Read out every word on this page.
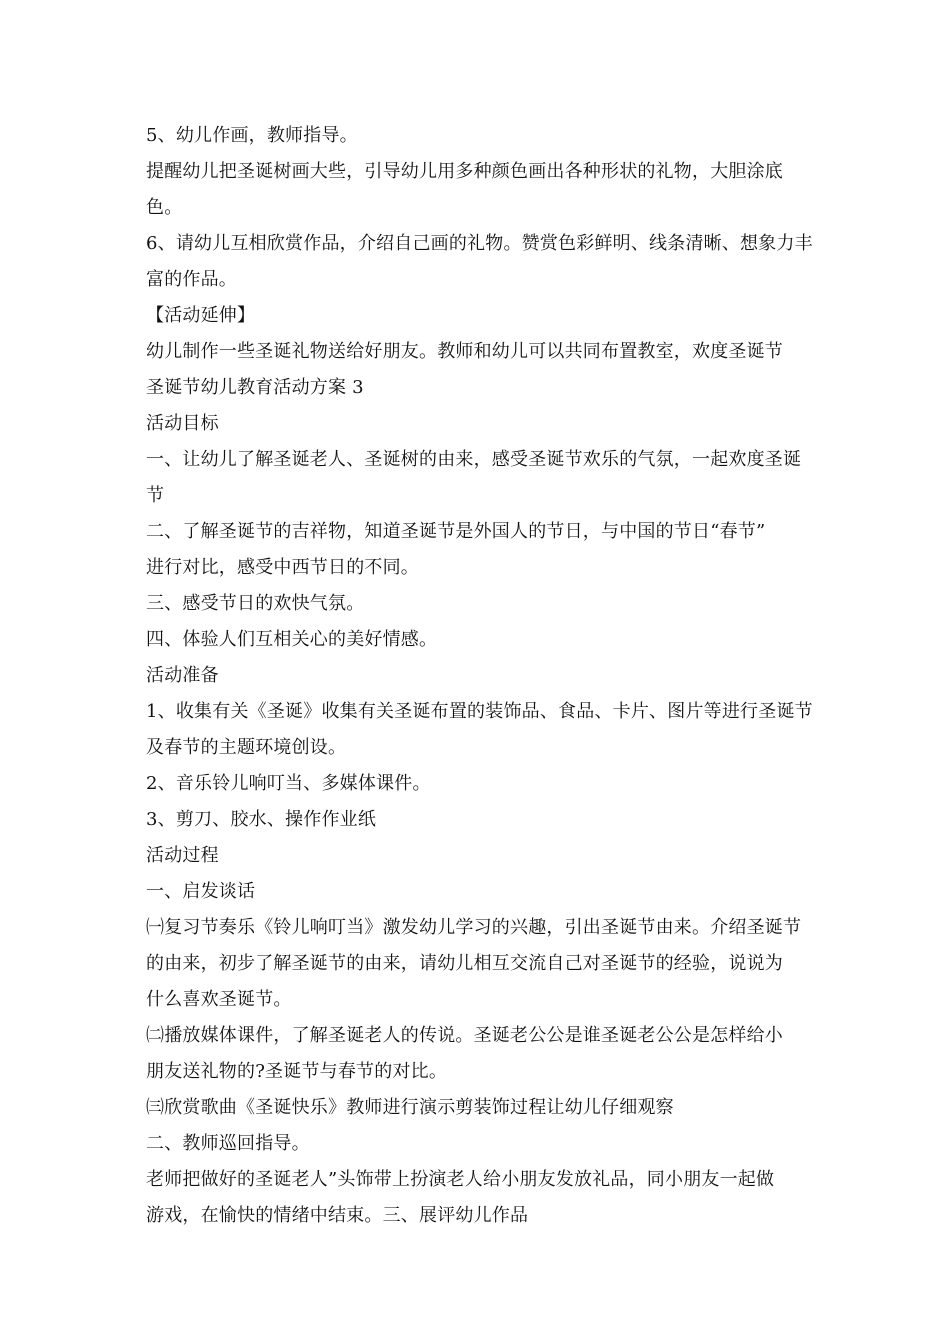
5、幼儿作画，教师指导。
提醒幼儿把圣诞树画大些，引导幼儿用多种颜色画出各种形状的礼物，大胆涂底
色。
6、请幼儿互相欣赏作品，介绍自己画的礼物。赞赏色彩鲜明、线条清晰、想象力丰
富的作品。
【活动延伸】
幼儿制作一些圣诞礼物送给好朋友。教师和幼儿可以共同布置教室，欢度圣诞节
圣诞节幼儿教育活动方案 3
活动目标
一、让幼儿了解圣诞老人、圣诞树的由来，感受圣诞节欢乐的气氛，一起欢度圣诞
节
二、了解圣诞节的吉祥物，知道圣诞节是外国人的节日，与中国的节日“春节”
进行对比，感受中西节日的不同。
三、感受节日的欢快气氛。
四、体验人们互相关心的美好情感。
活动准备
1、收集有关《圣诞》收集有关圣诞布置的装饰品、食品、卡片、图片等进行圣诞节
及春节的主题环境创设。
2、音乐铃儿响叮当、多媒体课件。
3、剪刀、胶水、操作作业纸
活动过程
一、启发谈话
㈠复习节奏乐《铃儿响叮当》激发幼儿学习的兴趣，引出圣诞节由来。介绍圣诞节
的由来，初步了解圣诞节的由来，请幼儿相互交流自己对圣诞节的经验，说说为
什么喜欢圣诞节。
㈡播放媒体课件，了解圣诞老人的传说。圣诞老公公是谁圣诞老公公是怎样给小
朋友送礼物的?圣诞节与春节的对比。
㈢欣赏歌曲《圣诞快乐》教师进行演示剪装饰过程让幼儿仔细观察
二、教师巡回指导。
老师把做好的圣诞老人”头饰带上扮演老人给小朋友发放礼品，同小朋友一起做
游戏，在愉快的情绪中结束。三、展评幼儿作品
